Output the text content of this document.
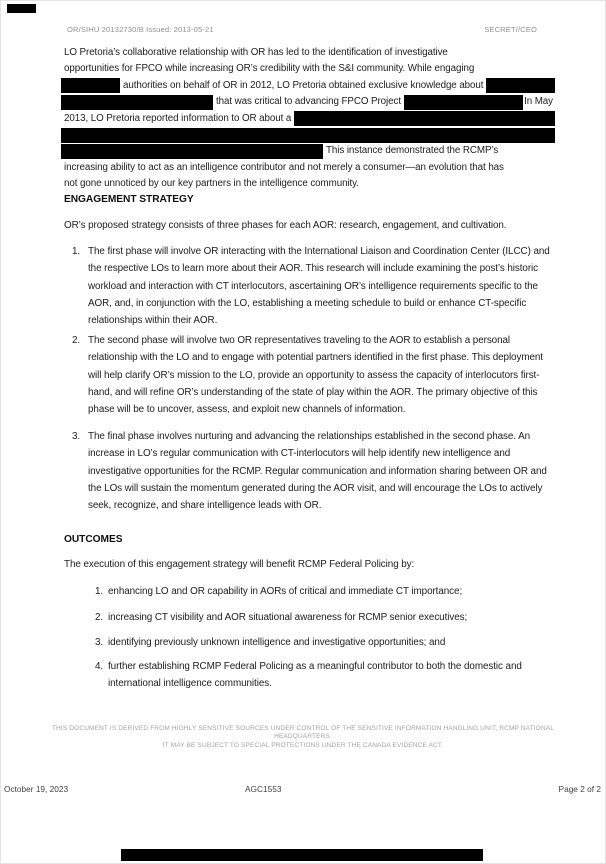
OR/SIHU 20132730/B Issued: 2013-05-21	SECRET//CEO
LO Pretoria’s collaborative relationship with OR has led to the identification of investigative
opportunities for FPCO while increasing OR’s credibility with the S&I community. While engaging
authorities on behalf of OR in 2012, LO Pretoria obtained exclusive knowledge about
that was critical to advancing FPCO Project	In May
2013, LO Pretoria reported information to OR about a
This instance demonstrated the RCMP’s
increasing ability to act as an intelligence contributor and not merely a consumer—an evolution that has
not gone unnoticed by our key partners in the intelligence community.
ENGAGEMENT STRATEGY
OR’s proposed strategy consists of three phases for each AOR: research, engagement, and cultivation.
1. The first phase will involve OR interacting with the International Liaison and Coordination Center (ILCC) and the respective LOs to learn more about their AOR. This research will include examining the post’s historic workload and interaction with CT interlocutors, ascertaining OR’s intelligence requirements specific to the AOR, and, in conjunction with the LO, establishing a meeting schedule to build or enhance CT-specific relationships within their AOR.
2. The second phase will involve two OR representatives traveling to the AOR to establish a personal relationship with the LO and to engage with potential partners identified in the first phase. This deployment will help clarify OR’s mission to the LO, provide an opportunity to assess the capacity of interlocutors first-hand, and will refine OR’s understanding of the state of play within the AOR. The primary objective of this phase will be to uncover, assess, and exploit new channels of information.
3. The final phase involves nurturing and advancing the relationships established in the second phase. An increase in LO’s regular communication with CT-interlocutors will help identify new intelligence and investigative opportunities for the RCMP. Regular communication and information sharing between OR and the LOs will sustain the momentum generated during the AOR visit, and will encourage the LOs to actively seek, recognize, and share intelligence leads with OR.
OUTCOMES
The execution of this engagement strategy will benefit RCMP Federal Policing by:
1. enhancing LO and OR capability in AORs of critical and immediate CT importance;
2. increasing CT visibility and AOR situational awareness for RCMP senior executives;
3. identifying previously unknown intelligence and investigative opportunities; and
4. further establishing RCMP Federal Policing as a meaningful contributor to both the domestic and international intelligence communities.
THIS DOCUMENT IS DERIVED FROM HIGHLY SENSITIVE SOURCES UNDER CONTROL OF THE SENSITIVE INFORMATION HANDLING UNIT, RCMP NATIONAL HEADQUARTERS.
IT MAY BE SUBJECT TO SPECIAL PROTECTIONS UNDER THE CANADA EVIDENCE ACT.
October 19, 2023	AGC1553	Page 2 of 2
